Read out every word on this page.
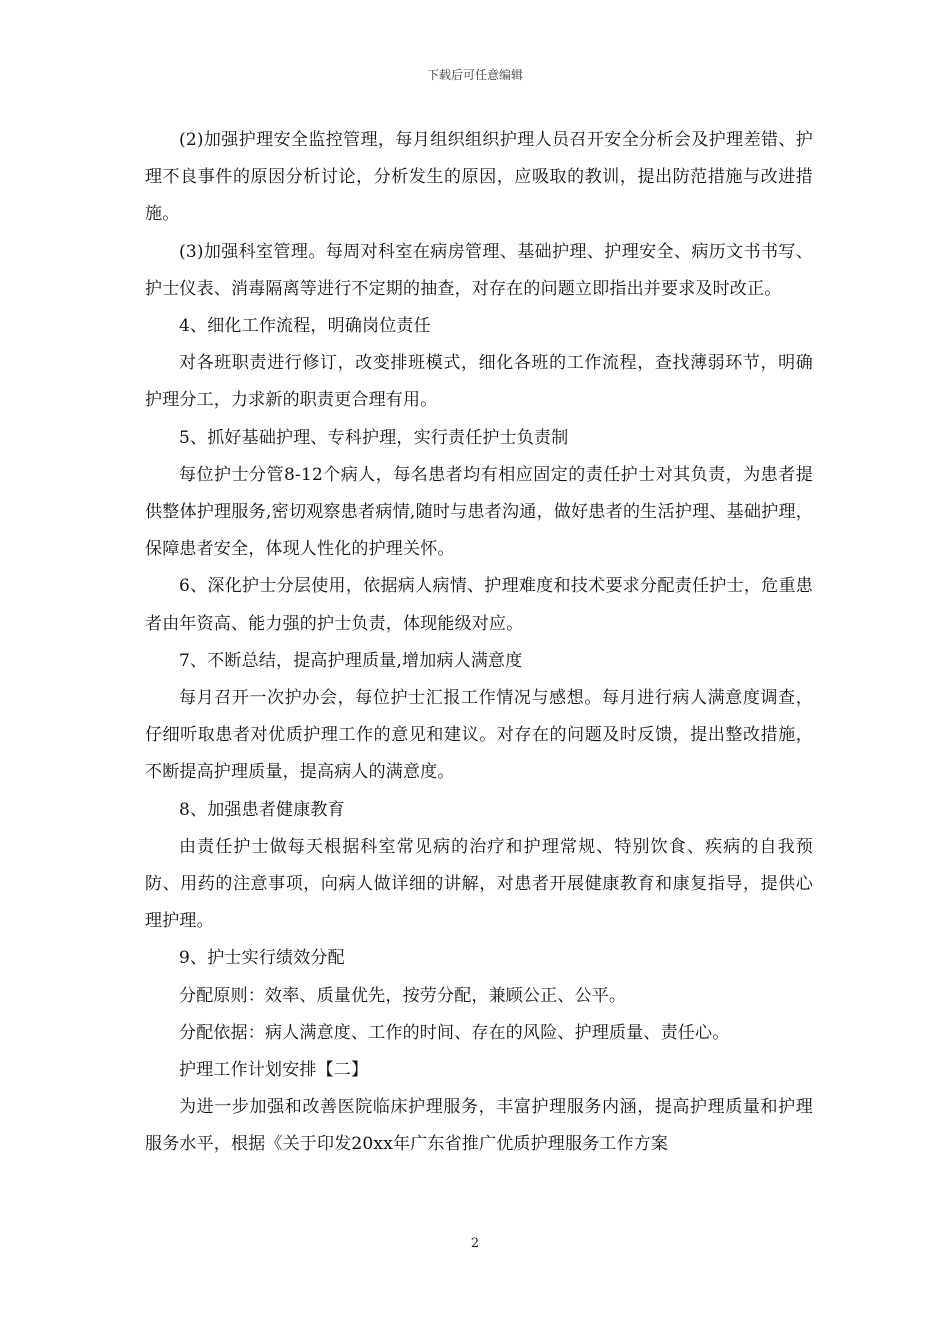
下载后可任意编辑

(2)加强护理安全监控管理，每月组织组织护理人员召开安全分析会及护理差错、护理不良事件的原因分析讨论，分析发生的原因，应吸取的教训，提出防范措施与改进措施。

(3)加强科室管理。每周对科室在病房管理、基础护理、护理安全、病历文书书写、护士仪表、消毒隔离等进行不定期的抽查，对存在的问题立即指出并要求及时改正。

4、细化工作流程，明确岗位责任

对各班职责进行修订，改变排班模式，细化各班的工作流程，查找薄弱环节，明确护理分工，力求新的职责更合理有用。

5、抓好基础护理、专科护理，实行责任护士负责制

每位护士分管8-12个病人，每名患者均有相应固定的责任护士对其负责，为患者提供整体护理服务,密切观察患者病情,随时与患者沟通，做好患者的生活护理、基础护理，保障患者安全，体现人性化的护理关怀。

6、深化护士分层使用，依据病人病情、护理难度和技术要求分配责任护士，危重患者由年资高、能力强的护士负责，体现能级对应。

7、不断总结，提高护理质量,增加病人满意度

每月召开一次护办会，每位护士汇报工作情况与感想。每月进行病人满意度调查，仔细听取患者对优质护理工作的意见和建议。对存在的问题及时反馈，提出整改措施，不断提高护理质量，提高病人的满意度。

8、加强患者健康教育

由责任护士做每天根据科室常见病的治疗和护理常规、特别饮食、疾病的自我预防、用药的注意事项，向病人做详细的讲解，对患者开展健康教育和康复指导，提供心理护理。

9、护士实行绩效分配

分配原则：效率、质量优先，按劳分配，兼顾公正、公平。

分配依据：病人满意度、工作的时间、存在的风险、护理质量、责任心。

护理工作计划安排【二】

为进一步加强和改善医院临床护理服务，丰富护理服务内涵，提高护理质量和护理服务水平，根据《关于印发20xx年广东省推广优质护理服务工作方案

2
